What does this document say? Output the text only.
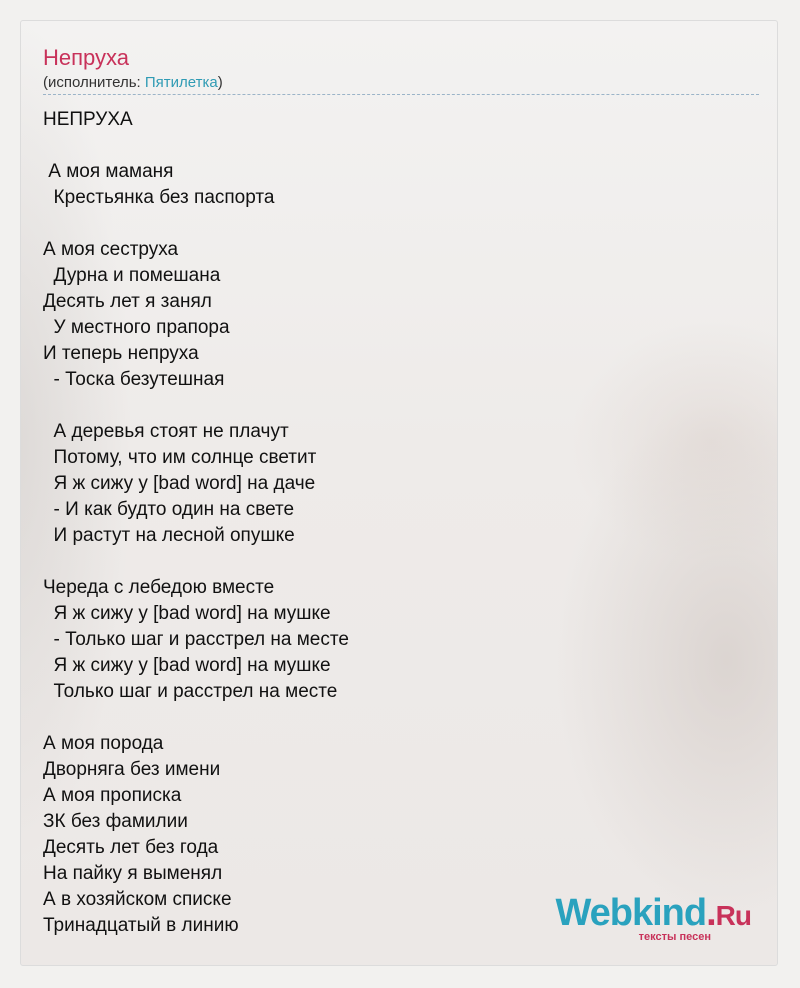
Непруха
(исполнитель: Пятилетка)
НЕПРУХА
А моя маманя
Крестьянка без паспорта
А моя сеструха
Дурна и помешана
Десять лет я занял
У местного прапора
И теперь непруха
- Тоска безутешная
А деревья стоят не плачут
Потому, что им солнце светит
Я ж сижу у [bad word] на даче
- И как будто один на свете
И растут на лесной опушке
Череда с лебедою вместе
Я ж сижу у [bad word] на мушке
- Только шаг и расстрел на месте
Я ж сижу у [bad word] на мушке
Только шаг и расстрел на месте
А моя порода
Дворняга без имени
А моя прописка
ЗК без фамилии
Десять лет без года
На пайку я выменял
А в хозяйском списке
Тринадцатый в линию	Webkind.Ru
тексты песен
